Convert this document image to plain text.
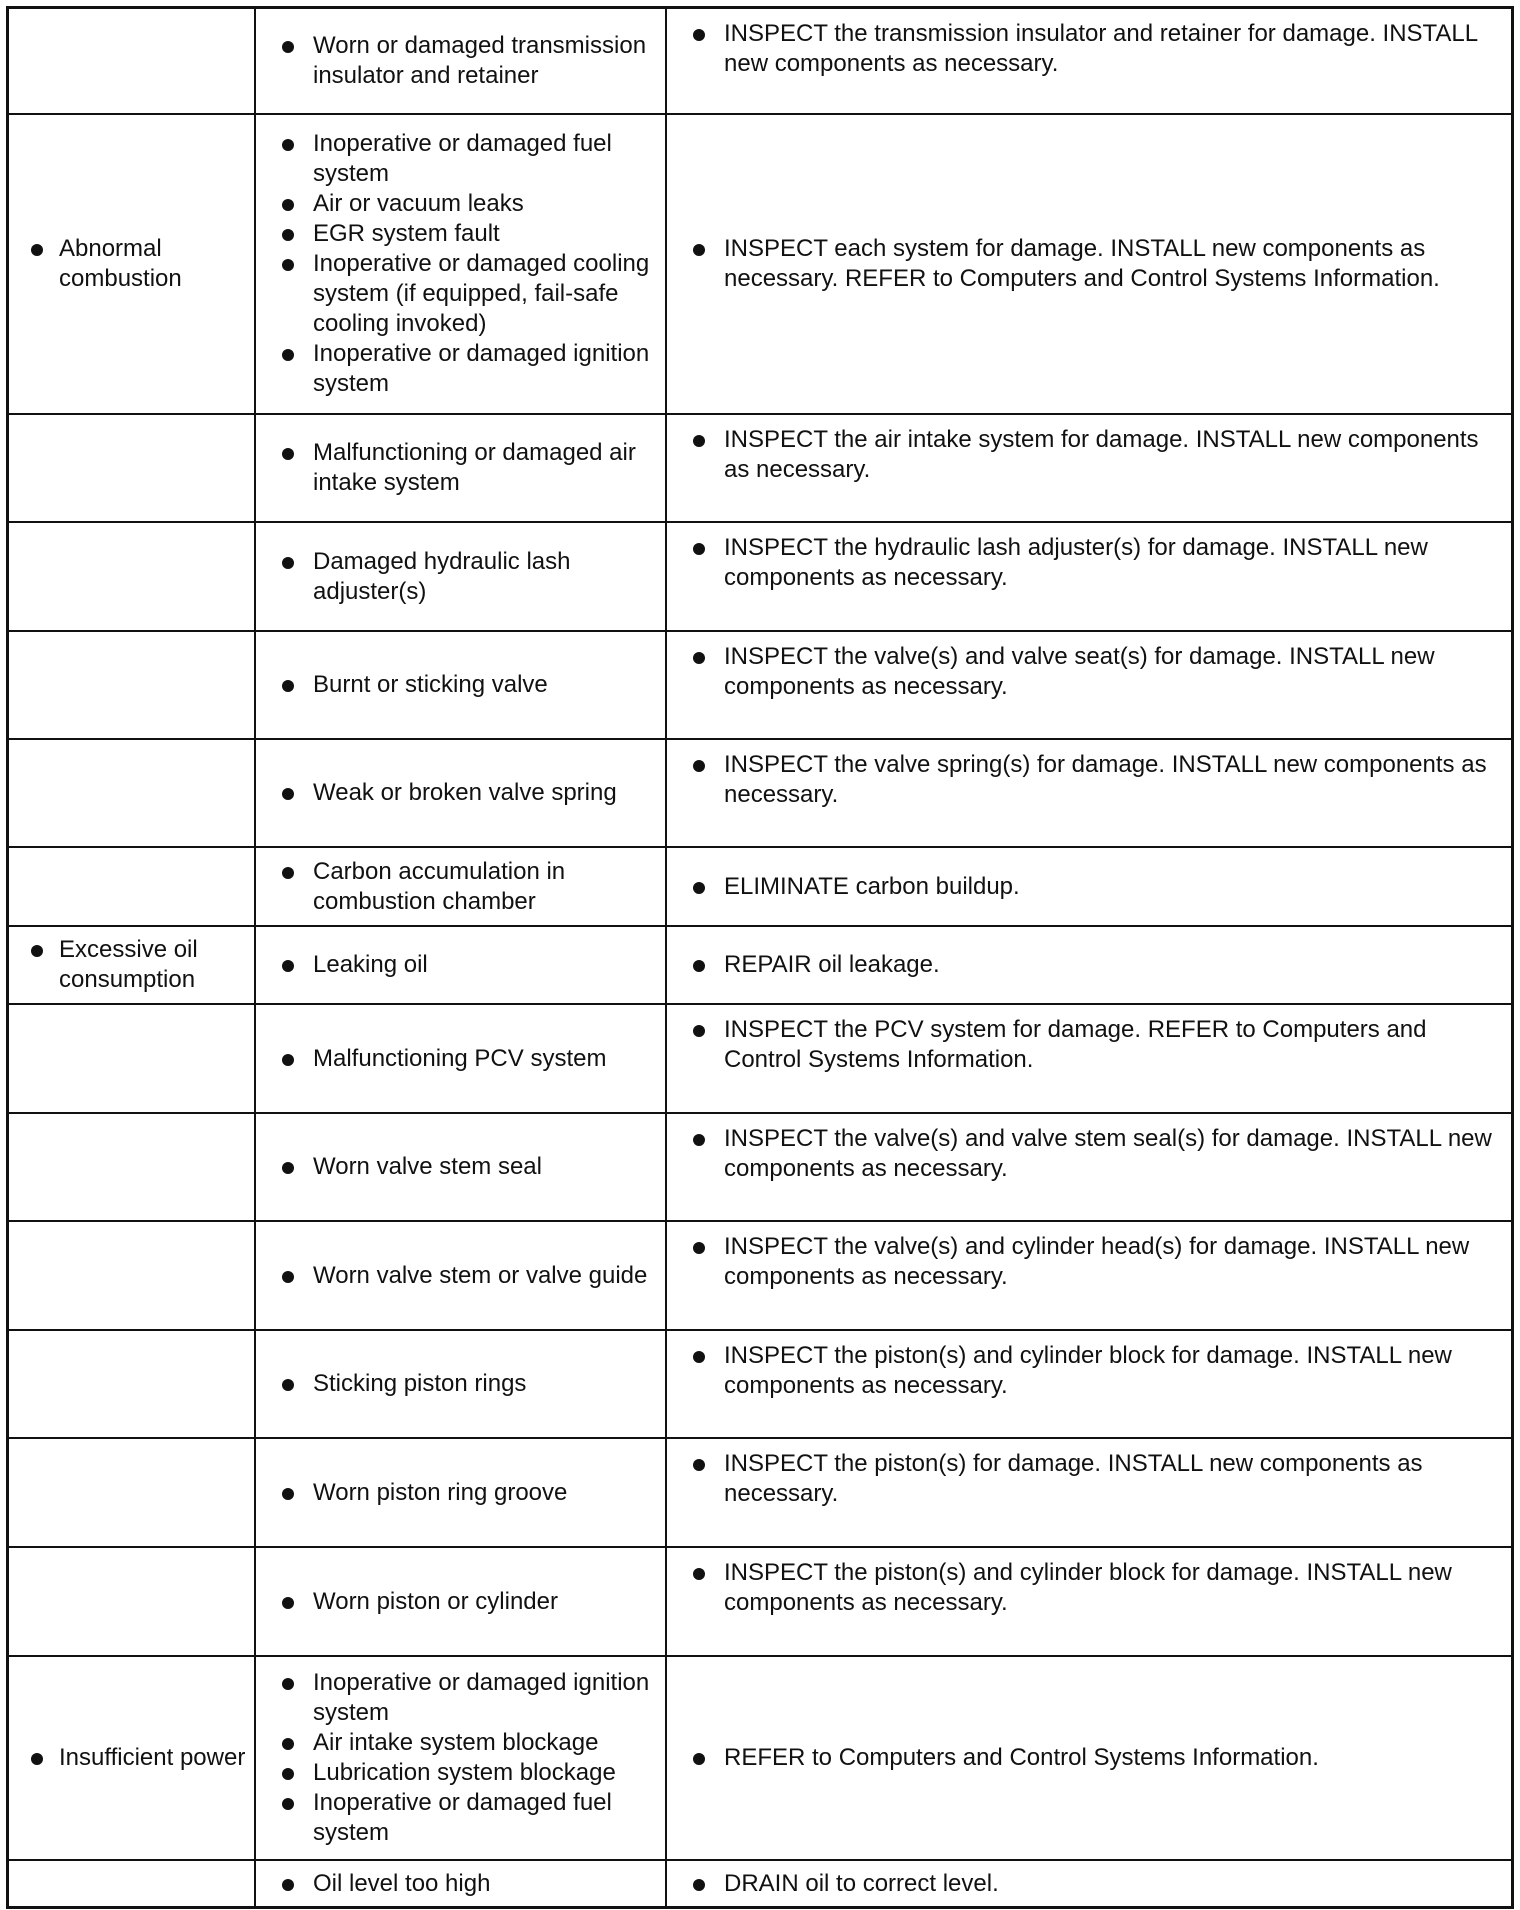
Worn or damaged transmission insulator and retainer

INSPECT the transmission insulator and retainer for damage. INSTALL new components as necessary.

Abnormal combustion

Inoperative or damaged fuel system

Air or vacuum leaks

EGR system fault

Inoperative or damaged cooling system (if equipped, fail-safe cooling invoked)

Inoperative or damaged ignition system

INSPECT each system for damage. INSTALL new components as necessary. REFER to Computers and Control Systems Information.

Malfunctioning or damaged air intake system

INSPECT the air intake system for damage. INSTALL new components as necessary.

Damaged hydraulic lash adjuster(s)

INSPECT the hydraulic lash adjuster(s) for damage. INSTALL new components as necessary.

Burnt or sticking valve

INSPECT the valve(s) and valve seat(s) for damage. INSTALL new components as necessary.

Weak or broken valve spring

INSPECT the valve spring(s) for damage. INSTALL new components as necessary.

Carbon accumulation in combustion chamber

ELIMINATE carbon buildup.

Excessive oil consumption

Leaking oil	REPAIR oil leakage.

Malfunctioning PCV system

INSPECT the PCV system for damage. REFER to Computers and Control Systems Information.

Worn valve stem seal

INSPECT the valve(s) and valve stem seal(s) for damage. INSTALL new components as necessary.

Worn valve stem or valve guide

INSPECT the valve(s) and cylinder head(s) for damage. INSTALL new components as necessary.

Sticking piston rings

INSPECT the piston(s) and cylinder block for damage. INSTALL new components as necessary.

Worn piston ring groove

INSPECT the piston(s) for damage. INSTALL new components as necessary.

Worn piston or cylinder

INSPECT the piston(s) and cylinder block for damage. INSTALL new components as necessary.

Insufficient power

Inoperative or damaged ignition system

Air intake system blockage

Lubrication system blockage

Inoperative or damaged fuel system

REFER to Computers and Control Systems Information.

Oil level too high	DRAIN oil to correct level.
